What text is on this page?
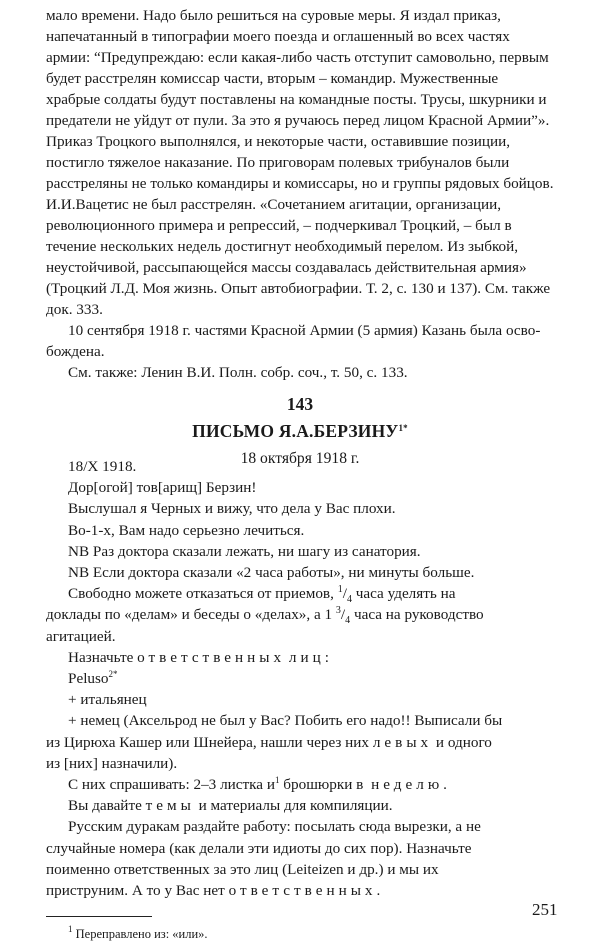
мало времени. Надо было решиться на суровые меры. Я издал приказ,
напечатанный в типографии моего поезда и оглашенный во всех частях
армии: “Предупреждаю: если какая-либо часть отступит самовольно, первым
будет расстрелян комиссар части, вторым – командир. Мужественные
храбрые солдаты будут поставлены на командные посты. Трусы, шкурники и
предатели не уйдут от пули. За это я ручаюсь перед лицом Красной Армии”».
Приказ Троцкого выполнялся, и некоторые части, оставившие позиции,
постигло тяжелое наказание. По приговорам полевых трибуналов были
расстреляны не только командиры и комиссары, но и группы рядовых бойцов.
И.И.Вацетис не был расстрелян. «Сочетанием агитации, организации,
революционного примера и репрессий, – подчеркивал Троцкий, – был в
течение нескольких недель достигнут необходимый перелом. Из зыбкой,
неустойчивой, рассыпающейся массы создавалась действительная армия»
(Троцкий Л.Д. Моя жизнь. Опыт автобиографии. Т. 2, с. 130 и 137). См. также
док. 333.
10 сентября 1918 г. частями Красной Армии (5 армия) Казань была осво-
бождена.
См. также: Ленин В.И. Полн. собр. соч., т. 50, с. 133.
143
ПИСЬМО $Я.А.БЕРЗИНУ^{1*}$
18 октября 1918 г.
18/X 1918.
Дор[огой] тов[арищ] Берзин!
Выслушал я Черных и вижу, что дела у Вас плохи.
Во-1-х, Вам надо серьезно лечиться.
NB Раз доктора сказали лежать, ни шагу из санатория.
NB Если доктора сказали «2 часа работы», ни минуты больше.
Свободно можете отказаться от приемов, $^1/_4$ часа уделять на
доклады по «делам» и беседы о «делах», а 1 $^3/_4$ часа на руководство
агитацией.
Назначьте ответственных лиц:
Peluso$^{2*}$
+ итальянец
+ немец (Аксельрод не был у Вас? Побить его надо!! Выписали бы
из Цирюха Кашер или Шнейера, нашли через них левых и одного
из [них] назначили).
С них спрашивать: 2–3 листка $и^1$ брошюрки в неделю.
Вы давайте темы и материалы для компиляции.
Русским дуракам раздайте работу: посылать сюда вырезки, а не
случайные номера (как делали эти идиоты до сих пор). Назначьте
поименно ответственных за это лиц (Leiteizen и др.) и мы их
приструним. А то у Вас нет ответственных.
$^1$ Переправлено из: «или».
251
